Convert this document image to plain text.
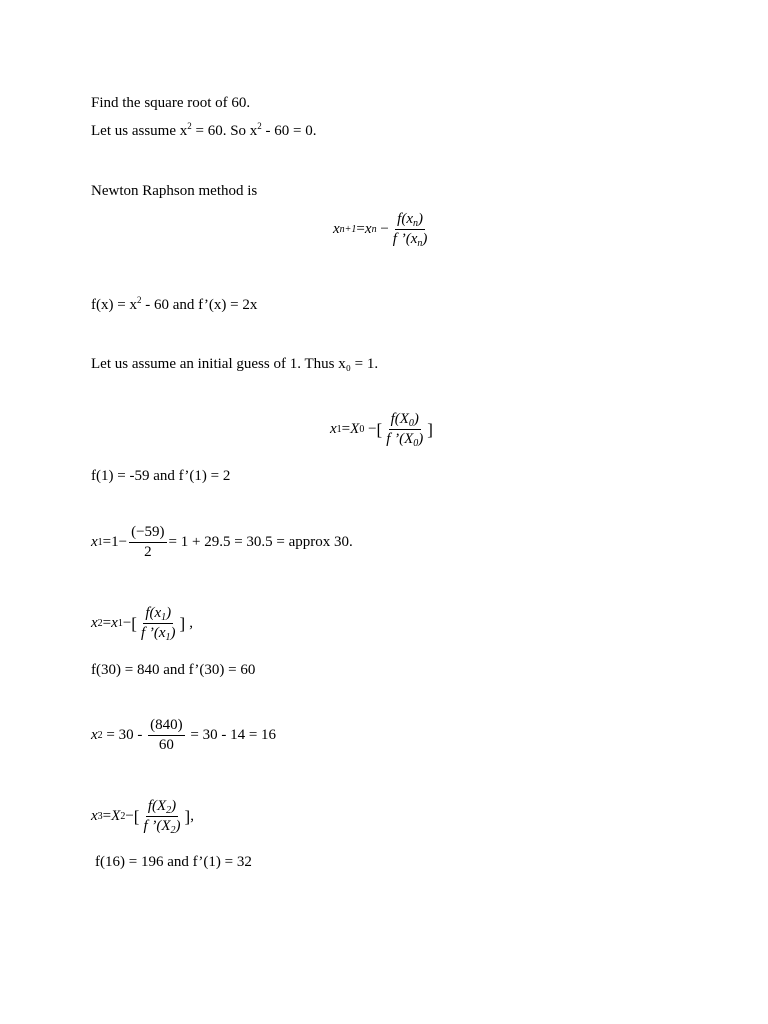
Find the square root of 60.
Let us assume $x^2 = 60$. So $x^2 - 60 = 0$.
Newton Raphson method is
x n+1 = x $n - \frac{f(x_n)}{f ’(x_n)}$
$f(x) = x^2 - 60$ and f’(x) = 2x
Let us assume an initial guess of 1. Thus x₀ = 1.
x 1 = X 0 − [ $\frac{f(X_0)}{f ’(X_0)}$ ]
f(1) = -59 and f’(1) = 2
x $1 =1- \frac{(-59)}{2} = 1 + 29.5 = 30.5$ = approx 30.
x 2 = x 1 − [ $\frac{f(x_1)}{f ’(x_1)}$ ] ,
f(30) = 840 and f’(30) = 60
x $2 = 30 - \frac{(840)}{60} = 30 - 14 = 16$
x 3 = X 2 − [ $\frac{f(X_2)}{f ’(X_2)}$ ] ,
f(16) = 196 and f’(1) = 32
